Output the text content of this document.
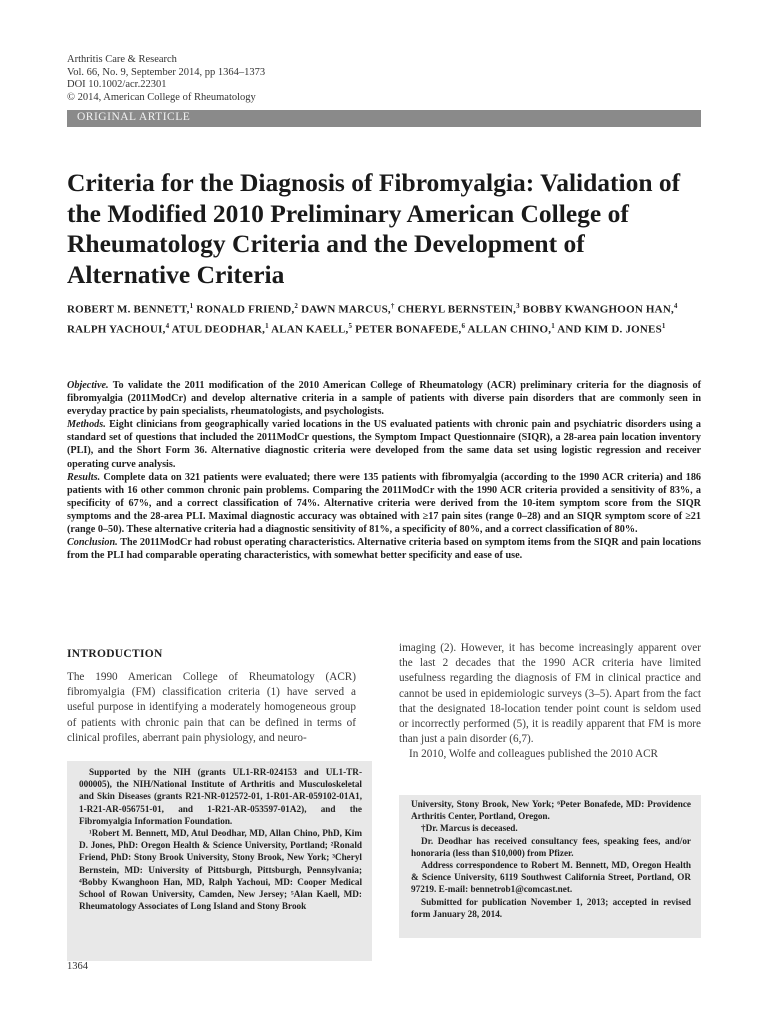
Arthritis Care & Research
Vol. 66, No. 9, September 2014, pp 1364–1373
DOI 10.1002/acr.22301
© 2014, American College of Rheumatology
ORIGINAL ARTICLE
Criteria for the Diagnosis of Fibromyalgia: Validation of the Modified 2010 Preliminary American College of Rheumatology Criteria and the Development of Alternative Criteria
ROBERT M. BENNETT,$^1$ RONALD FRIEND,$^2$ DAWN MARCUS,† CHERYL BERNSTEIN,$^3$ BOBBY KWANGHOON HAN,$^4$ RALPH YACHOUI,$^4$ ATUL DEODHAR,$^1$ ALAN KAELL,$^5$ PETER BONAFEDE,$^6$ ALLAN CHINO,$^1$ AND KIM D. JONES$^1$

Objective. To validate the 2011 modification of the 2010 American College of Rheumatology (ACR) preliminary criteria for the diagnosis of fibromyalgia (2011ModCr) and develop alternative criteria in a sample of patients with diverse pain disorders that are commonly seen in everyday practice by pain specialists, rheumatologists, and psychologists.

Methods. Eight clinicians from geographically varied locations in the US evaluated patients with chronic pain and psychiatric disorders using a standard set of questions that included the 2011ModCr questions, the Symptom Impact Questionnaire (SIQR), a 28-area pain location inventory (PLI), and the Short Form 36. Alternative diagnostic criteria were developed from the same data set using logistic regression and receiver operating curve analysis.

Results. Complete data on 321 patients were evaluated; there were 135 patients with fibromyalgia (according to the 1990 ACR criteria) and 186 patients with 16 other common chronic pain problems. Comparing the 2011ModCr with the 1990 ACR criteria provided a sensitivity of 83%, a specificity of 67%, and a correct classification of 74%. Alternative criteria were derived from the 10-item symptom score from the SIQR symptoms and the 28-area PLI. Maximal diagnostic accuracy was obtained with ≥17 pain sites (range 0–28) and an SIQR symptom score of ≥21 (range 0–50). These alternative criteria had a diagnostic sensitivity of 81%, a specificity of 80%, and a correct classification of 80%.

Conclusion. The 2011ModCr had robust operating characteristics. Alternative criteria based on symptom items from the SIQR and pain locations from the PLI had comparable operating characteristics, with somewhat better specificity and ease of use.

INTRODUCTION

The 1990 American College of Rheumatology (ACR) fibromyalgia (FM) classification criteria (1) have served a useful purpose in identifying a moderately homogeneous group of patients with chronic pain that can be defined in terms of clinical profiles, aberrant pain physiology, and neuro-

imaging (2). However, it has become increasingly apparent over the last 2 decades that the 1990 ACR criteria have limited usefulness regarding the diagnosis of FM in clinical practice and cannot be used in epidemiologic surveys (3–5). Apart from the fact that the designated 18-location tender point count is seldom used or incorrectly performed (5), it is readily apparent that FM is more than just a pain disorder (6,7).

In 2010, Wolfe and colleagues published the 2010 ACR

Supported by the NIH (grants UL1-RR-024153 and UL1-TR-000005), the NIH/National Institute of Arthritis and Musculoskeletal and Skin Diseases (grants R21-NR-012572-01, 1-R01-AR-059102-01A1, 1-R21-AR-056751-01, and 1-R21-AR-053597-01A2), and the Fibromyalgia Information Foundation.

¹Robert M. Bennett, MD, Atul Deodhar, MD, Allan Chino, PhD, Kim D. Jones, PhD: Oregon Health & Science University, Portland; ²Ronald Friend, PhD: Stony Brook University, Stony Brook, New York; ³Cheryl Bernstein, MD: University of Pittsburgh, Pittsburgh, Pennsylvania; ⁴Bobby Kwanghoon Han, MD, Ralph Yachoui, MD: Cooper Medical School of Rowan University, Camden, New Jersey; ⁵Alan Kaell, MD: Rheumatology Associates of Long Island and Stony Brook

University, Stony Brook, New York; ⁶Peter Bonafede, MD: Providence Arthritis Center, Portland, Oregon.

†Dr. Marcus is deceased.

Dr. Deodhar has received consultancy fees, speaking fees, and/or honoraria (less than $10,000) from Pfizer.

Address correspondence to Robert M. Bennett, MD, Oregon Health & Science University, 6119 Southwest California Street, Portland, OR 97219. E-mail: bennetrob1@comcast.net.

Submitted for publication November 1, 2013; accepted in revised form January 28, 2014.

1364
